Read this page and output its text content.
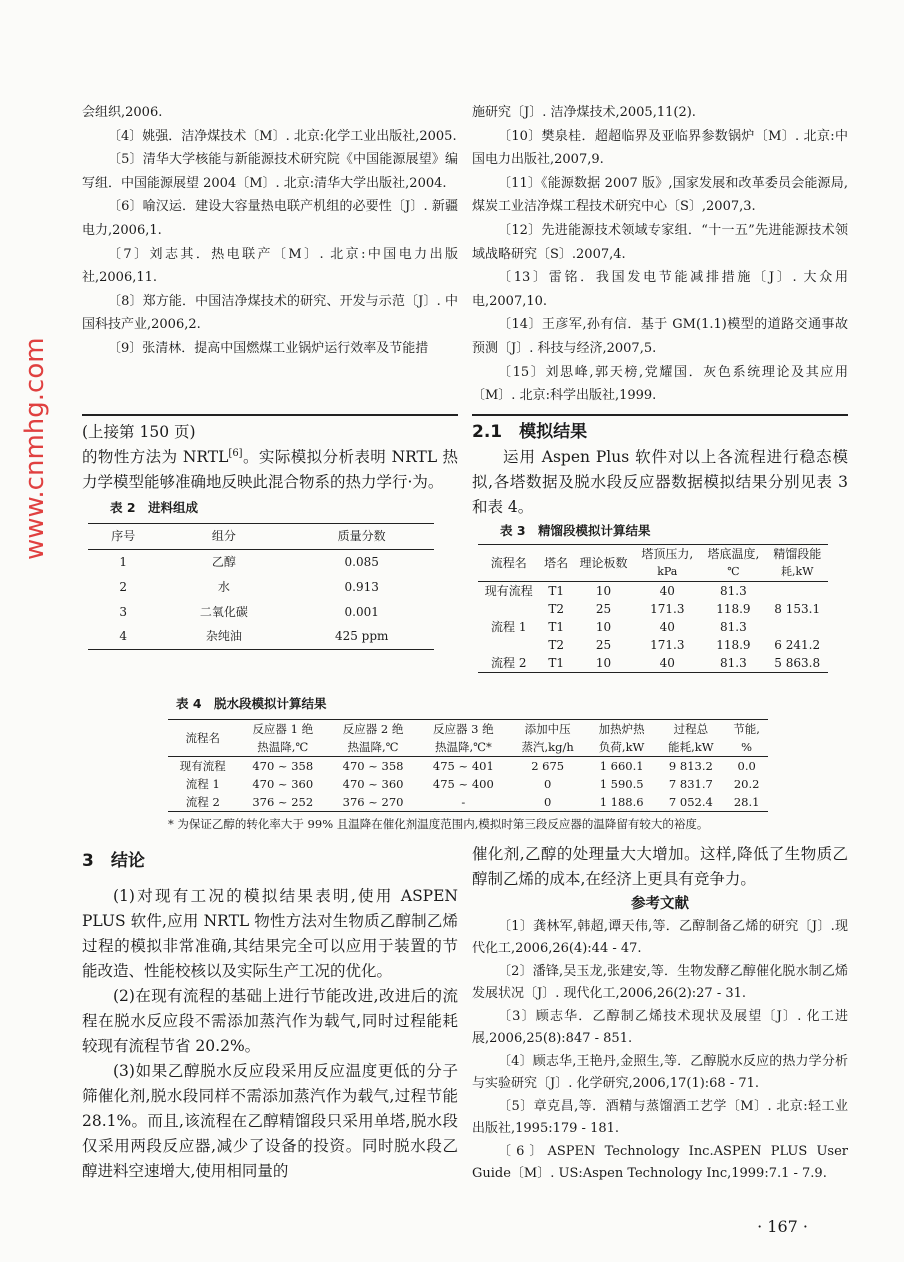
会组织,2006.

〔4〕姚强．洁净煤技术〔M〕. 北京:化学工业出版社,2005.

〔5〕清华大学核能与新能源技术研究院《中国能源展望》编写组．中国能源展望 2004〔M〕. 北京:清华大学出版社,2004.

〔6〕喻汉运．建设大容量热电联产机组的必要性〔J〕. 新疆电力,2006,1.

〔7〕刘志其．热电联产〔M〕. 北京:中国电力出版社,2006,11.

〔8〕郑方能．中国洁净煤技术的研究、开发与示范〔J〕. 中国科技产业,2006,2.

〔9〕张清林．提高中国燃煤工业锅炉运行效率及节能措

施研究〔J〕. 洁净煤技术,2005,11(2).

〔10〕樊泉桂．超超临界及亚临界参数锅炉〔M〕. 北京:中国电力出版社,2007,9.

〔11〕《能源数据 2007 版》,国家发展和改革委员会能源局,煤炭工业洁净煤工程技术研究中心〔S〕,2007,3.

〔12〕先进能源技术领域专家组．“十一五”先进能源技术领域战略研究〔S〕.2007,4.

〔13〕雷铭．我国发电节能减排措施〔J〕. 大众用电,2007,10.

〔14〕王彦军,孙有信．基于 GM(1.1)模型的道路交通事故预测〔J〕. 科技与经济,2007,5.

〔15〕刘思峰,郭天榜,党耀国．灰色系统理论及其应用〔M〕. 北京:科学出版社,1999.

(上接第 150 页)

的物性方法为 NRTL[6]。实际模拟分析表明 NRTL 热力学模型能够准确地反映此混合物系的热力学行·为。

表 2　进料组成
序号	组分	质量分数
1	乙醇	0.085
2	水	0.913
3	二氧化碳	0.001
4	杂纯油	425 ppm
2.1　模拟结果

运用 Aspen Plus 软件对以上各流程进行稳态模拟,各塔数据及脱水段反应器数据模拟结果分别见表 3 和表 4。

表 3　精馏段模拟计算结果
流程名	塔名	理论板数	塔顶压力,	塔底温度,	精馏段能
			kPa	℃	耗,kW
现有流程	T1	10	40	81.3	
	T2	25	171.3	118.9	8 153.1
流程 1	T1	10	40	81.3	
	T2	25	171.3	118.9	6 241.2
流程 2	T1	10	40	81.3	5 863.8
表 4　脱水段模拟计算结果
流程名	反应器 1 绝	反应器 2 绝	反应器 3 绝	添加中压	加热炉热	过程总	节能,
	热温降,℃	热温降,℃	热温降,℃*	蒸汽,kg/h	负荷,kW	能耗,kW	%
现有流程	470 ~ 358	470 ~ 358	475 ~ 401	2 675	1 660.1	9 813.2	0.0
流程 1	470 ~ 360	470 ~ 360	475 ~ 400	0	1 590.5	7 831.7	20.2
流程 2	376 ~ 252	376 ~ 270	-	0	1 188.6	7 052.4	28.1
* 为保证乙醇的转化率大于 99% 且温降在催化剂温度范围内,模拟时第三段反应器的温降留有较大的裕度。
3　结论

(1)对现有工况的模拟结果表明,使用 ASPEN PLUS 软件,应用 NRTL 物性方法对生物质乙醇制乙烯过程的模拟非常准确,其结果完全可以应用于装置的节能改造、性能校核以及实际生产工况的优化。

(2)在现有流程的基础上进行节能改进,改进后的流程在脱水反应段不需添加蒸汽作为载气,同时过程能耗较现有流程节省 20.2%。

(3)如果乙醇脱水反应段采用反应温度更低的分子筛催化剂,脱水段同样不需添加蒸汽作为载气,过程节能 28.1%。而且,该流程在乙醇精馏段只采用单塔,脱水段仅采用两段反应器,减少了设备的投资。同时脱水段乙醇进料空速增大,使用相同量的

催化剂,乙醇的处理量大大增加。这样,降低了生物质乙醇制乙烯的成本,在经济上更具有竞争力。

参考文献

〔1〕龚林军,韩超,谭天伟,等．乙醇制备乙烯的研究〔J〕.现代化工,2006,26(4):44 - 47.

〔2〕潘锋,吴玉龙,张建安,等．生物发酵乙醇催化脱水制乙烯发展状况〔J〕. 现代化工,2006,26(2):27 - 31.

〔3〕顾志华．乙醇制乙烯技术现状及展望〔J〕. 化工进展,2006,25(8):847 - 851.

〔4〕顾志华,王艳丹,金照生,等．乙醇脱水反应的热力学分析与实验研究〔J〕. 化学研究,2006,17(1):68 - 71.

〔5〕章克昌,等．酒精与蒸馏酒工艺学〔M〕. 北京:轻工业出版社,1995:179 - 181.

〔6〕ASPEN Technology Inc.ASPEN PLUS User Guide〔M〕. US:Aspen Technology Inc,1999:7.1 - 7.9.

· 167 ·
www.cnmhg.com
